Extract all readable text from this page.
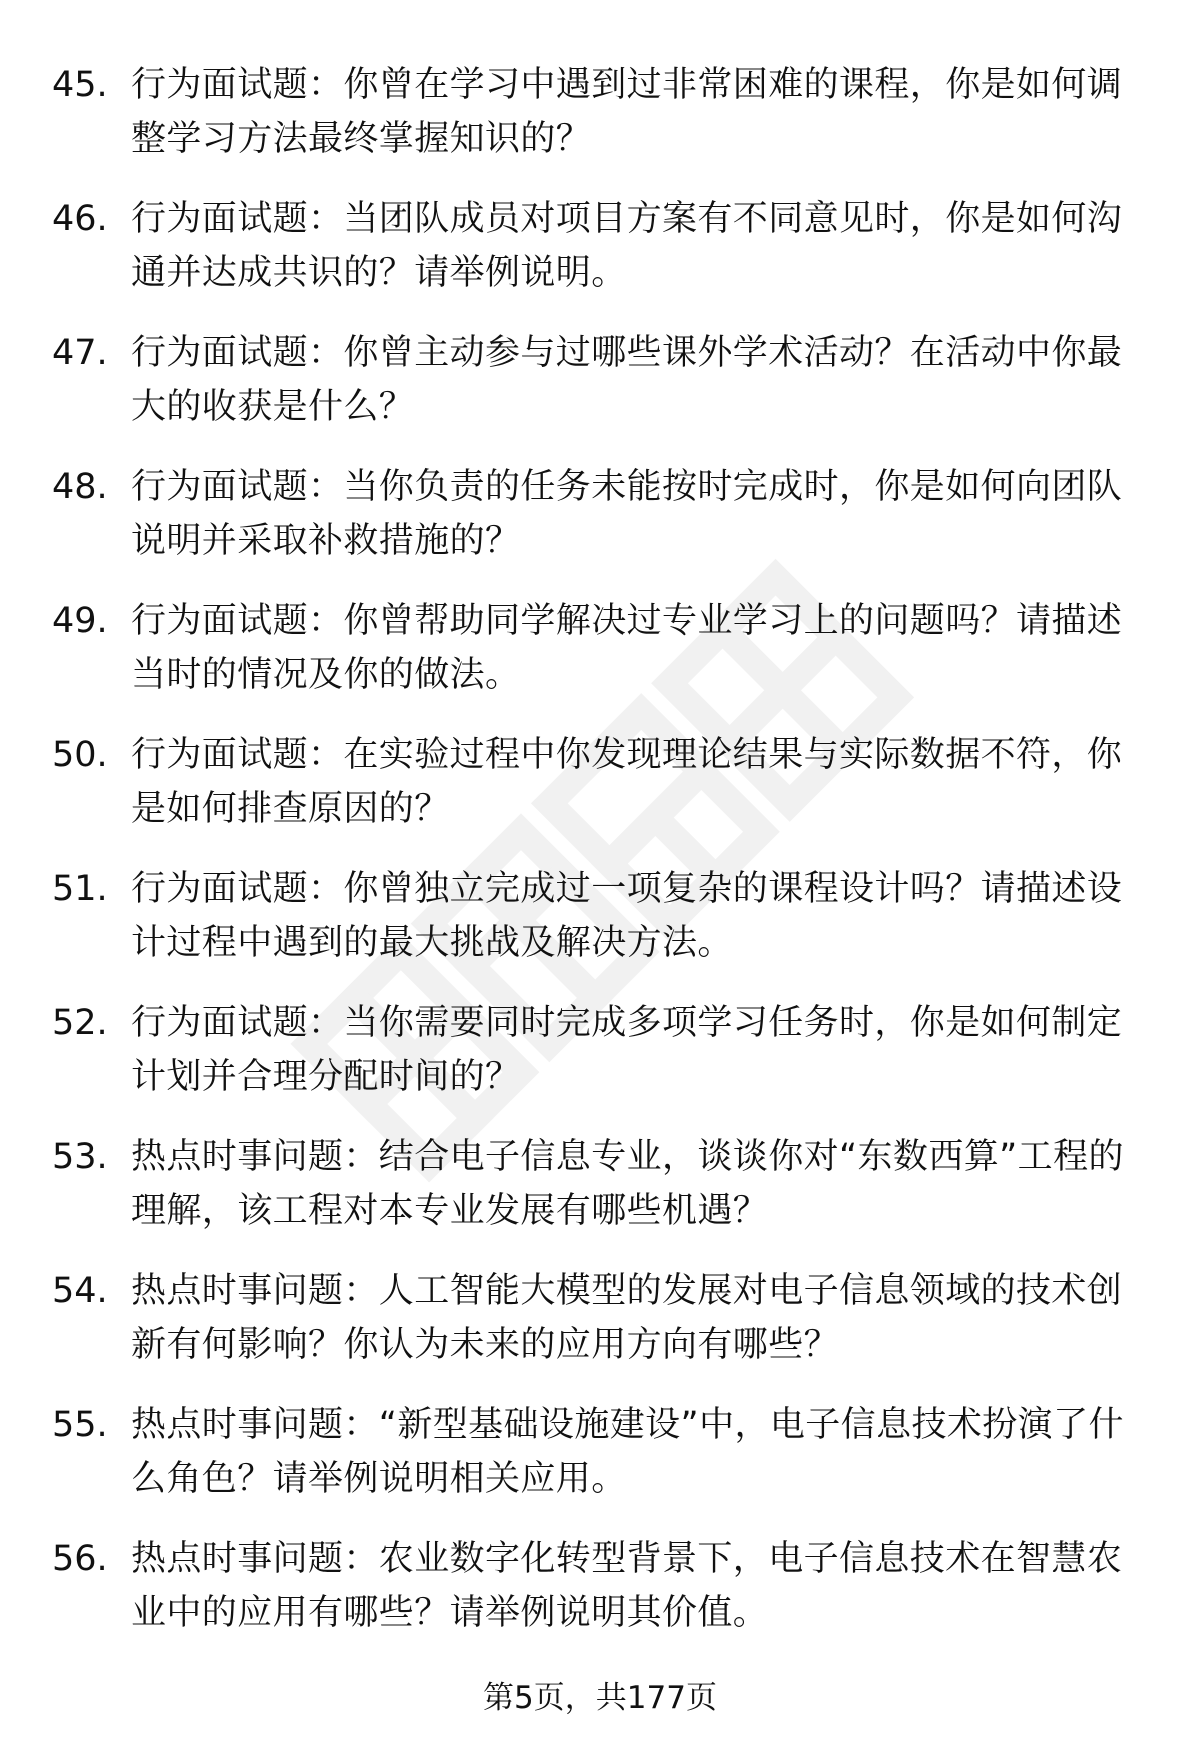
45. 行为面试题：你曾在学习中遇到过非常困难的课程，你是如何调整学习方法最终掌握知识的？
46. 行为面试题：当团队成员对项目方案有不同意见时，你是如何沟通并达成共识的？请举例说明。
47. 行为面试题：你曾主动参与过哪些课外学术活动？在活动中你最大的收获是什么？
48. 行为面试题：当你负责的任务未能按时完成时，你是如何向团队说明并采取补救措施的？
49. 行为面试题：你曾帮助同学解决过专业学习上的问题吗？请描述当时的情况及你的做法。
50. 行为面试题：在实验过程中你发现理论结果与实际数据不符，你是如何排查原因的？
51. 行为面试题：你曾独立完成过一项复杂的课程设计吗？请描述设计过程中遇到的最大挑战及解决方法。
52. 行为面试题：当你需要同时完成多项学习任务时，你是如何制定计划并合理分配时间的？
53. 热点时事问题：结合电子信息专业，谈谈你对“东数西算”工程的理解，该工程对本专业发展有哪些机遇？
54. 热点时事问题：人工智能大模型的发展对电子信息领域的技术创新有何影响？你认为未来的应用方向有哪些？
55. 热点时事问题：“新型基础设施建设”中，电子信息技术扮演了什么角色？请举例说明相关应用。
56. 热点时事问题：农业数字化转型背景下，电子信息技术在智慧农业中的应用有哪些？请举例说明其价值。
第5页，共177页
